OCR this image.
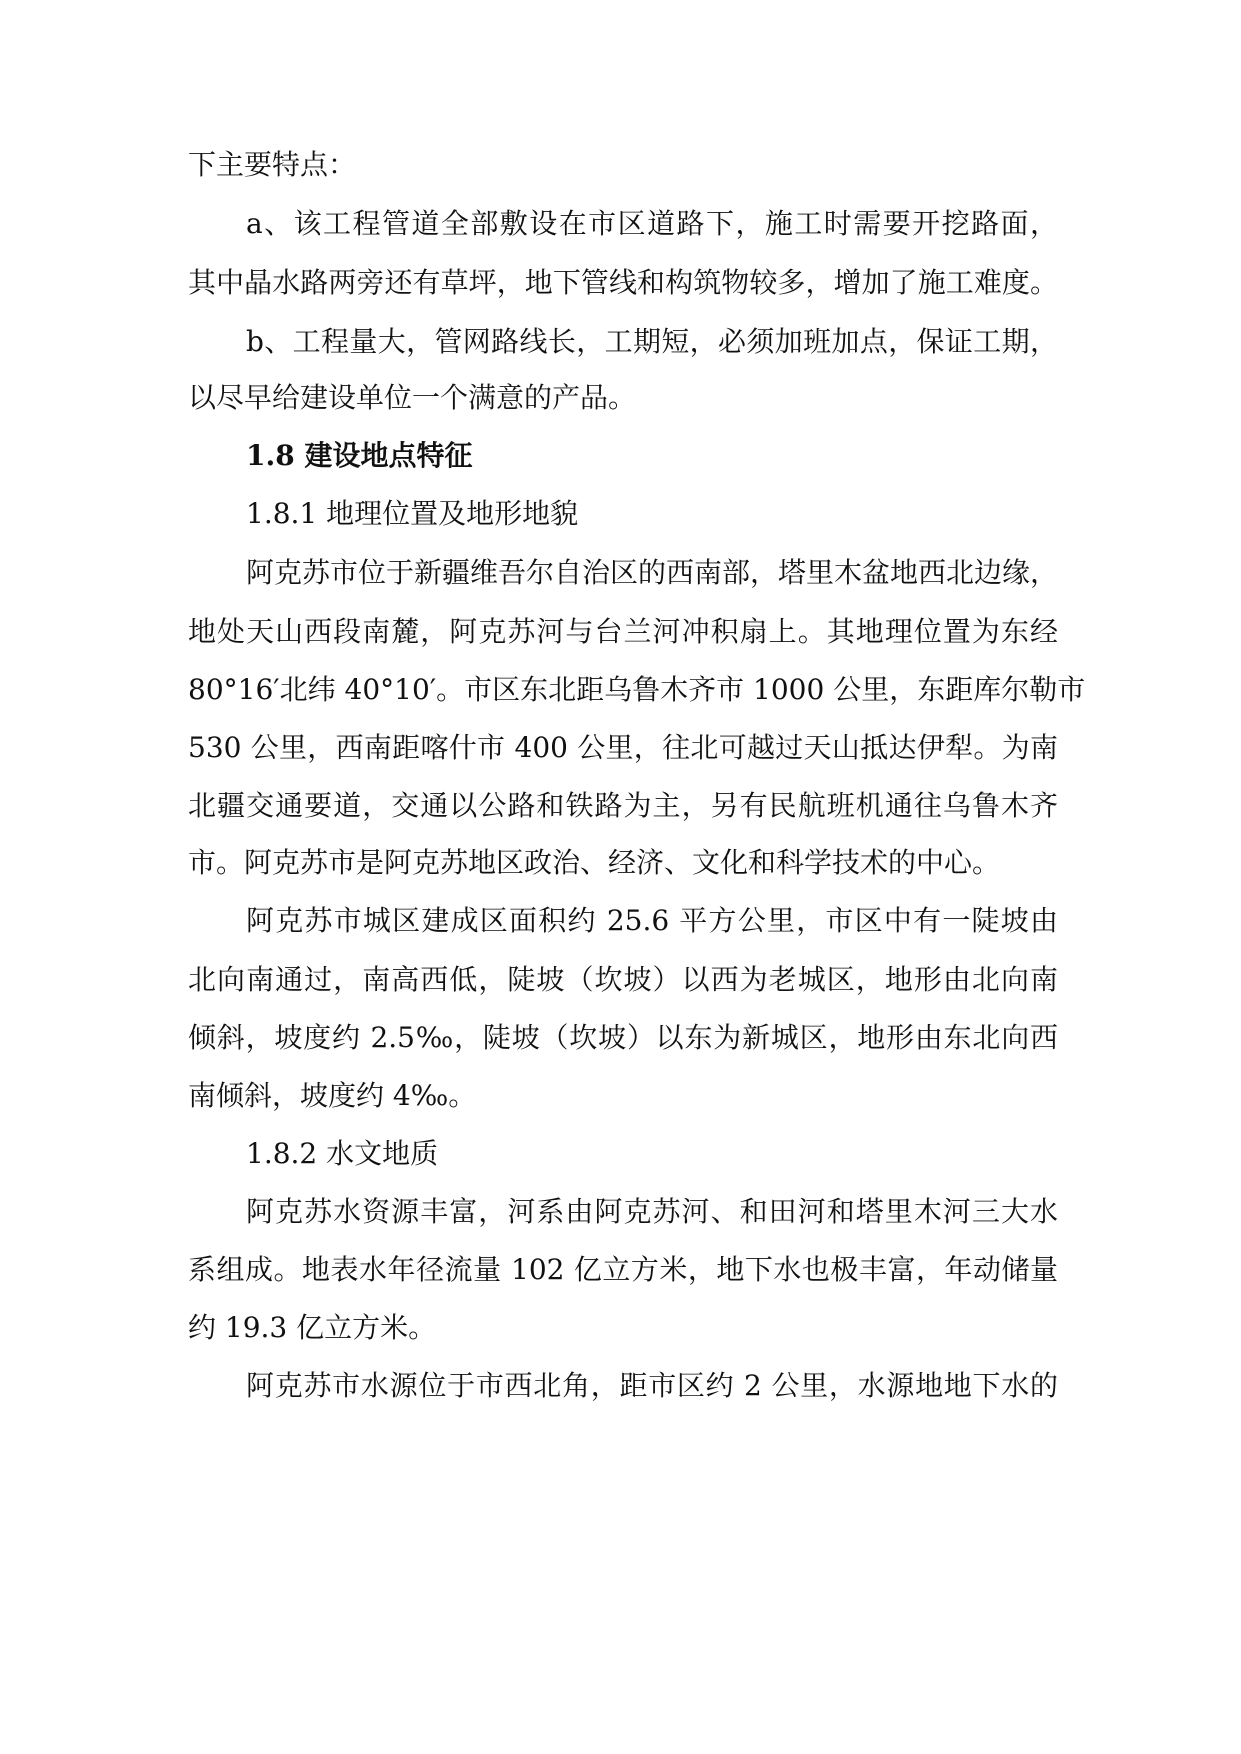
下主要特点：
a、该工程管道全部敷设在市区道路下，施工时需要开挖路面，
其中晶水路两旁还有草坪，地下管线和构筑物较多，增加了施工难度。
b、工程量大，管网路线长，工期短，必须加班加点，保证工期，
以尽早给建设单位一个满意的产品。
1.8 建设地点特征
1.8.1 地理位置及地形地貌
阿克苏市位于新疆维吾尔自治区的西南部，塔里木盆地西北边缘，
地处天山西段南麓，阿克苏河与台兰河冲积扇上。其地理位置为东经
80°16′北纬 40°10′。市区东北距乌鲁木齐市 1000 公里，东距库尔勒市
530 公里，西南距喀什市 400 公里，往北可越过天山抵达伊犁。为南
北疆交通要道，交通以公路和铁路为主，另有民航班机通往乌鲁木齐
市。阿克苏市是阿克苏地区政治、经济、文化和科学技术的中心。
阿克苏市城区建成区面积约 25.6 平方公里，市区中有一陡坡由
北向南通过，南高西低，陡坡（坎坡）以西为老城区，地形由北向南
倾斜，坡度约 2.5‰，陡坡（坎坡）以东为新城区，地形由东北向西
南倾斜，坡度约 4‰。
1.8.2 水文地质
阿克苏水资源丰富，河系由阿克苏河、和田河和塔里木河三大水
系组成。地表水年径流量 102 亿立方米，地下水也极丰富，年动储量
约 19.3 亿立方米。
阿克苏市水源位于市西北角，距市区约 2 公里，水源地地下水的
